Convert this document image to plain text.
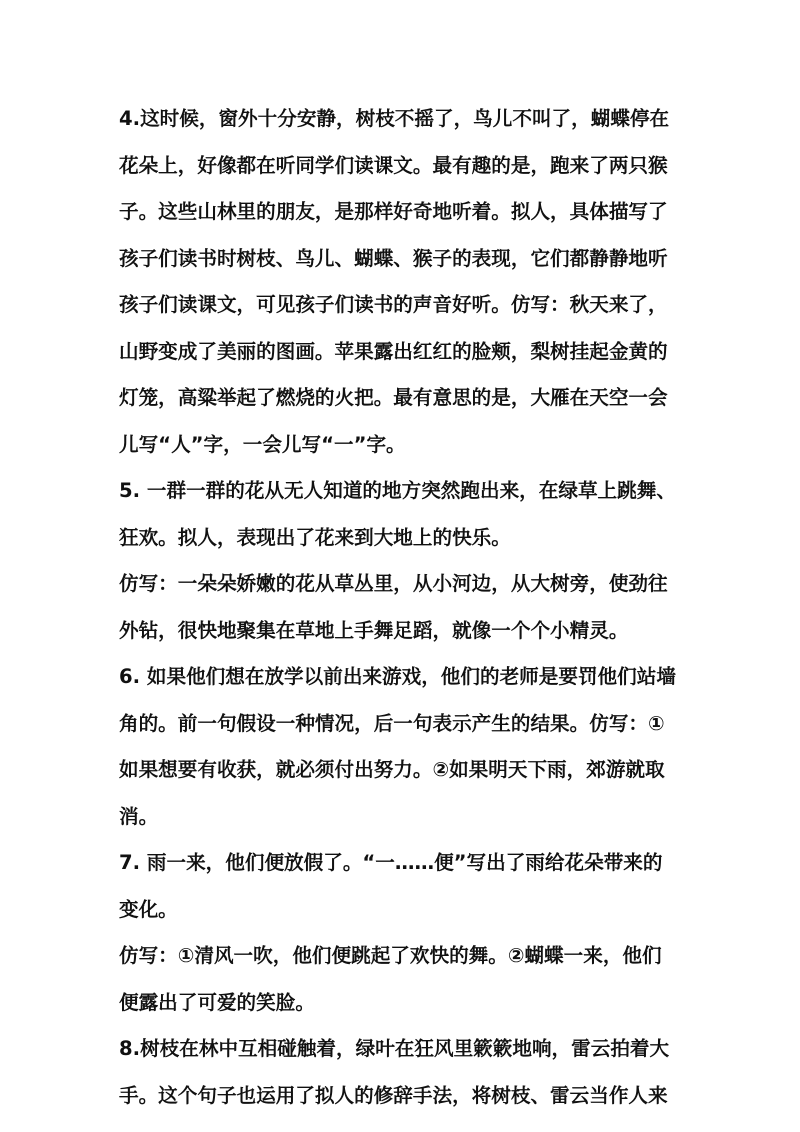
4.这时候，窗外十分安静，树枝不摇了，鸟儿不叫了，蝴蝶停在
花朵上，好像都在听同学们读课文。最有趣的是，跑来了两只猴
子。这些山林里的朋友，是那样好奇地听着。拟人，具体描写了
孩子们读书时树枝、鸟儿、蝴蝶、猴子的表现，它们都静静地听
孩子们读课文，可见孩子们读书的声音好听。仿写：秋天来了，
山野变成了美丽的图画。苹果露出红红的脸颊，梨树挂起金黄的
灯笼，高粱举起了燃烧的火把。最有意思的是，大雁在天空一会
儿写“人”字，一会儿写“一”字。
5. 一群一群的花从无人知道的地方突然跑出来，在绿草上跳舞、
狂欢。拟人，表现出了花来到大地上的快乐。
仿写：一朵朵娇嫩的花从草丛里，从小河边，从大树旁，使劲往
外钻，很快地聚集在草地上手舞足蹈，就像一个个小精灵。
6. 如果他们想在放学以前出来游戏，他们的老师是要罚他们站墙
角的。前一句假设一种情况，后一句表示产生的结果。仿写：①
如果想要有收获，就必须付出努力。②如果明天下雨，郊游就取
消。
7. 雨一来，他们便放假了。“一……便”写出了雨给花朵带来的
变化。
仿写：①清风一吹，他们便跳起了欢快的舞。②蝴蝶一来，他们
便露出了可爱的笑脸。
8.树枝在林中互相碰触着，绿叶在狂风里簌簌地响，雷云拍着大
手。这个句子也运用了拟人的修辞手法，将树枝、雷云当作人来
